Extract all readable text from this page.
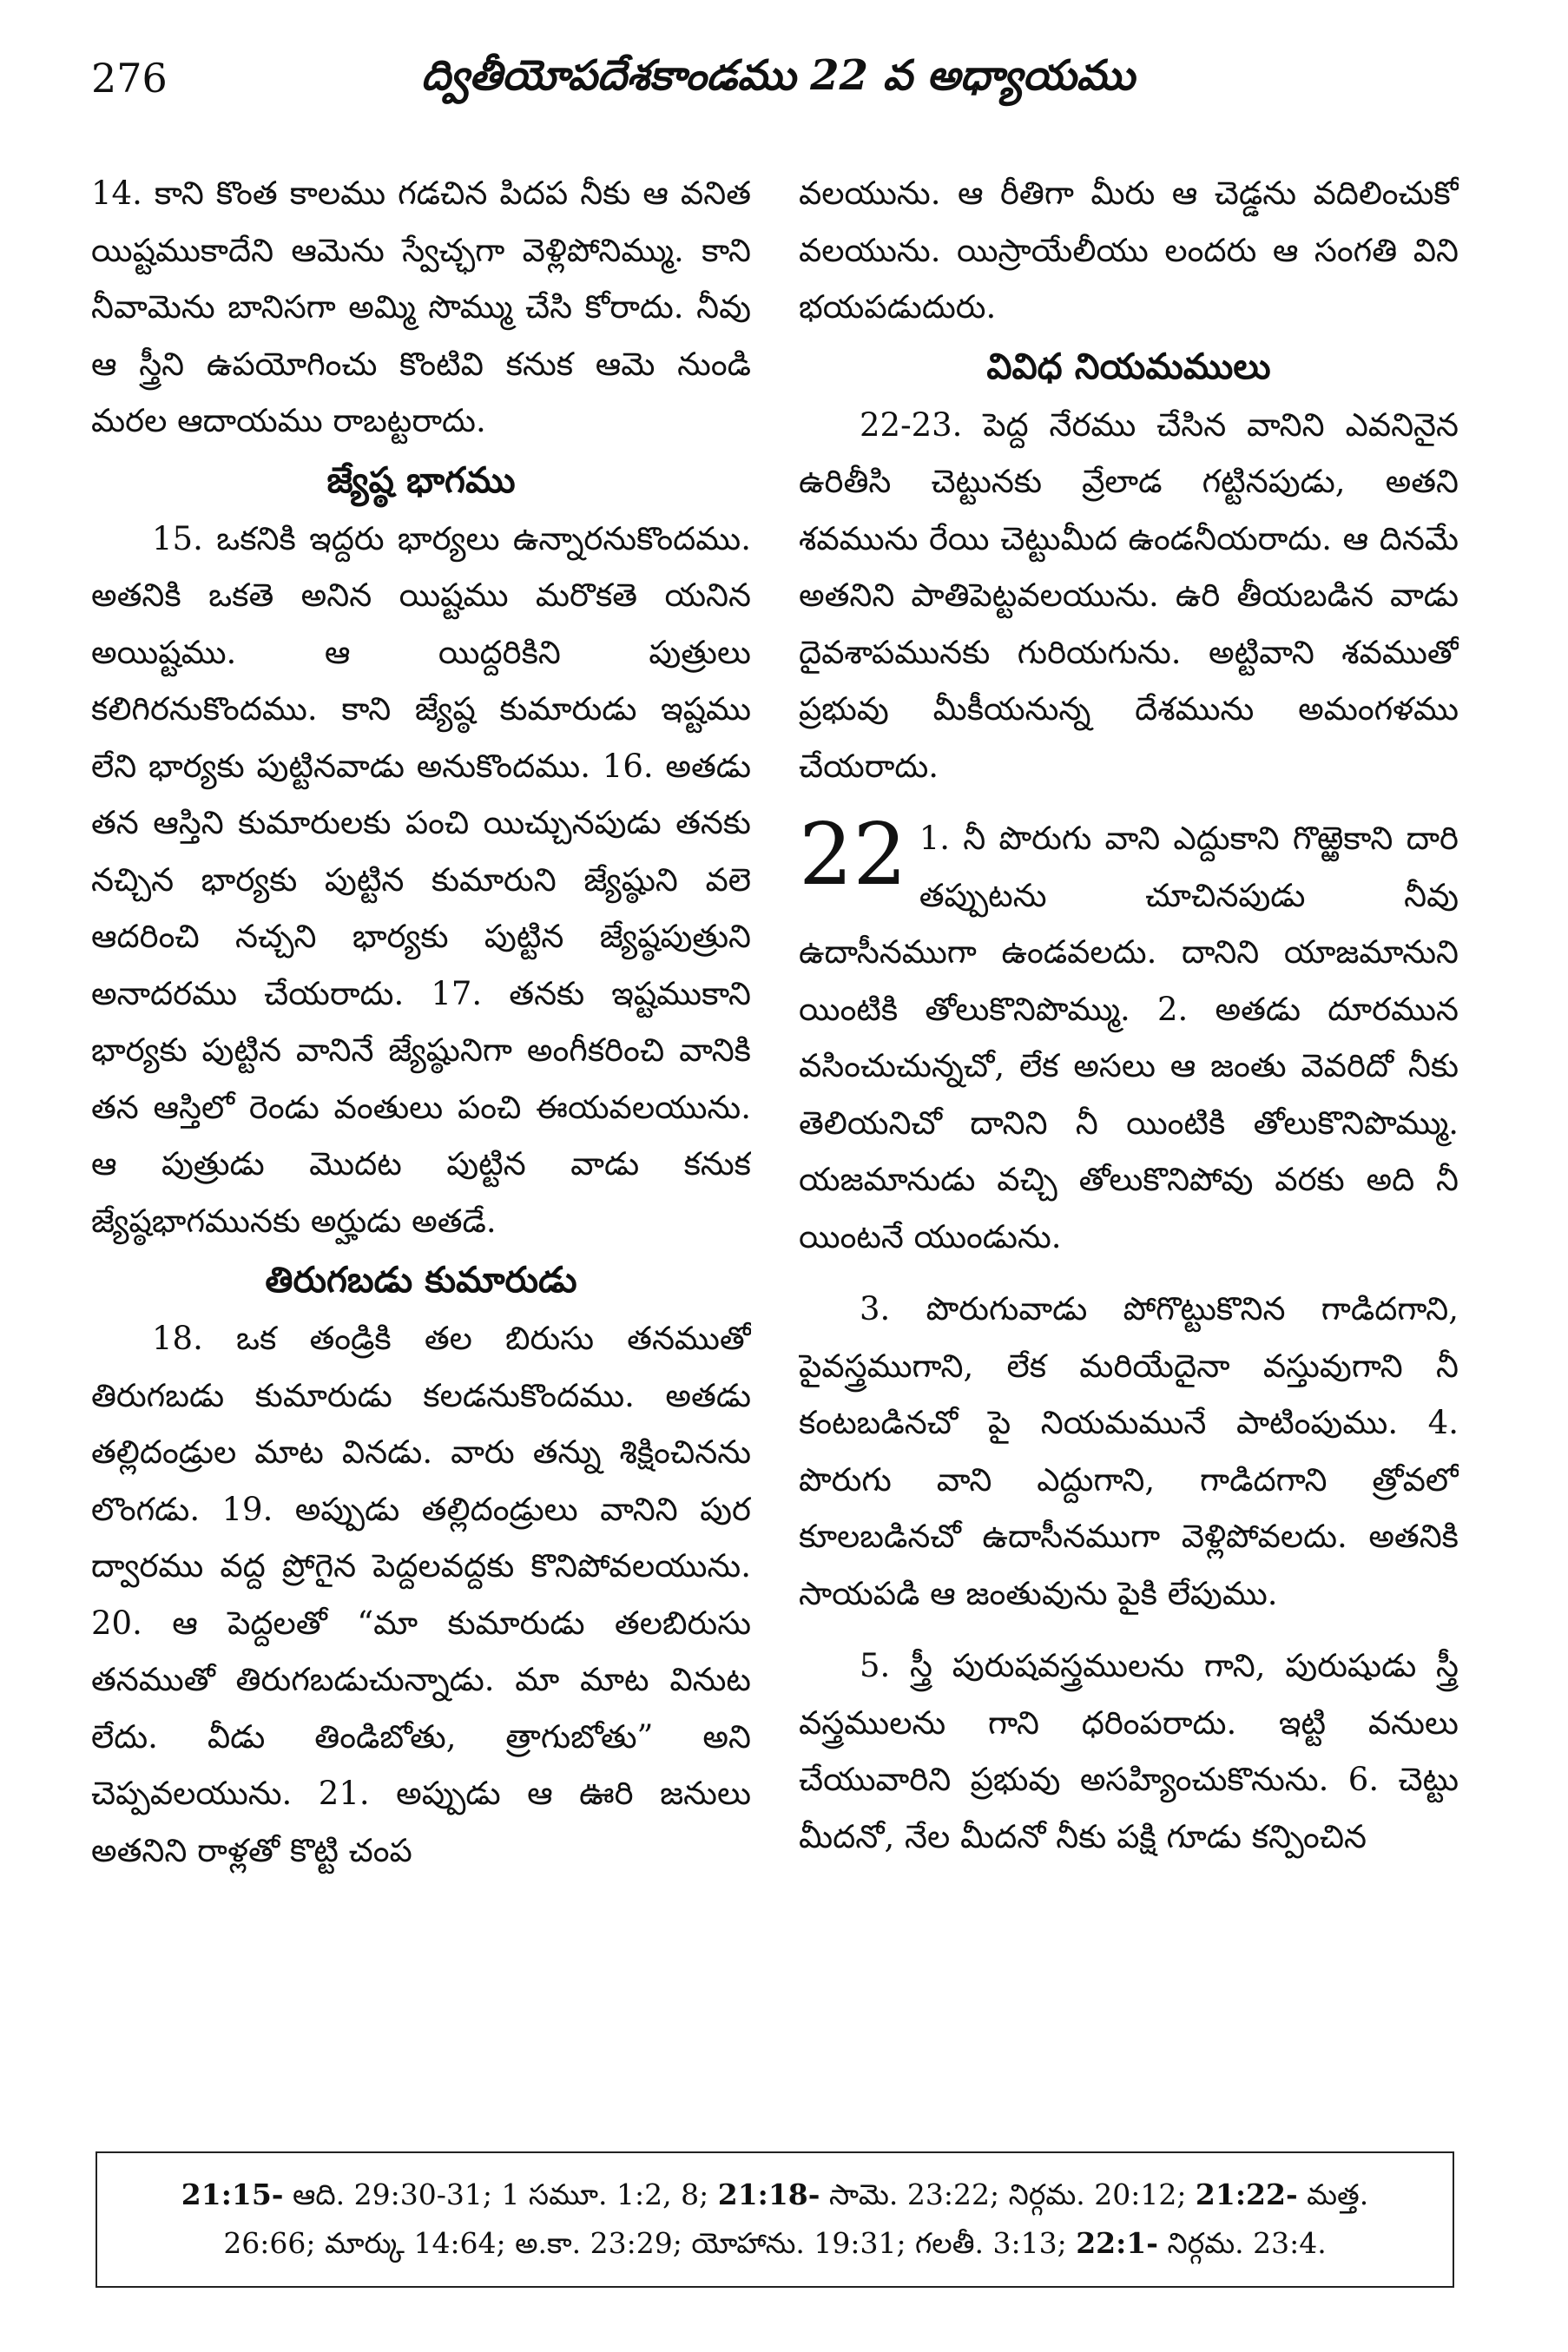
276	ద్వితీయోపదేశకాండము 22 వ అధ్యాయము

14. కాని కొంత కాలము గడచిన పిదప నీకు ఆ వనిత యిష్టముకాదేని ఆమెను స్వేచ్ఛగా వెళ్లిపోనిమ్ము. కాని నీవామెను బానిసగా అమ్మి సొమ్ము చేసి కోరాదు. నీవు ఆ స్త్రీని ఉపయోగించు కొంటివి కనుక ఆమె నుండి మరల ఆదాయము రాబట్టరాదు.

జ్యేష్ఠ భాగము

15. ఒకనికి ఇద్దరు భార్యలు ఉన్నారనుకొందము. అతనికి ఒకతె అనిన యిష్టము మరొకతె యనిన అయిష్టము. ఆ యిద్దరికిని పుత్రులు కలిగిరనుకొందము. కాని జ్యేష్ఠ కుమారుడు ఇష్టము లేని భార్యకు పుట్టినవాడు అనుకొందము. 16. అతడు తన ఆస్తిని కుమారులకు పంచి యిచ్చునపుడు తనకు నచ్చిన భార్యకు పుట్టిన కుమారుని జ్యేష్ఠుని వలె ఆదరించి నచ్చని భార్యకు పుట్టిన జ్యేష్ఠపుత్రుని అనాదరము చేయరాదు. 17. తనకు ఇష్టముకాని భార్యకు పుట్టిన వానినే జ్యేష్ఠునిగా అంగీకరించి వానికి తన ఆస్తిలో రెండు వంతులు పంచి ఈయవలయును. ఆ పుత్రుడు మొదట పుట్టిన వాడు కనుక జ్యేష్ఠభాగమునకు అర్హుడు అతడే.

తిరుగబడు కుమారుడు

18. ఒక తండ్రికి తల బిరుసు తనముతో తిరుగబడు కుమారుడు కలడనుకొందము. అతడు తల్లిదండ్రుల మాట వినడు. వారు తన్ను శిక్షించినను లొంగడు. 19. అప్పుడు తల్లిదండ్రులు వానిని పుర ద్వారము వద్ద ప్రోగైన పెద్దలవద్దకు కొనిపోవలయును. 20. ఆ పెద్దలతో “మా కుమారుడు తలబిరుసు తనముతో తిరుగబడుచున్నాడు. మా మాట వినుట లేదు. వీడు తిండిబోతు, త్రాగుబోతు” అని చెప్పవలయును. 21. అప్పుడు ఆ ఊరి జనులు అతనిని రాళ్లతో కొట్టి చంప

వలయును. ఆ రీతిగా మీరు ఆ చెడ్డను వదిలించుకో వలయును. యిస్రాయేలీయు లందరు ఆ సంగతి విని భయపడుదురు.

వివిధ నియమములు

22-23. పెద్ద నేరము చేసిన వానిని ఎవనినైన ఉరితీసి చెట్టునకు వ్రేలాడ గట్టినపుడు, అతని శవమును రేయి చెట్టుమీద ఉండనీయరాదు. ఆ దినమే అతనిని పాతిపెట్టవలయును. ఉరి తీయబడిన వాడు దైవశాపమునకు గురియగును. అట్టివాని శవముతో ప్రభువు మీకీయనున్న దేశమును అమంగళము చేయరాదు.

22 1. నీ పొరుగు వాని ఎద్దుకాని గొఱ్ఱెకాని దారి తప్పుటను చూచినపుడు నీవు ఉదాసీనముగా ఉండవలదు. దానిని యాజమానుని యింటికి తోలుకొనిపొమ్ము. 2. అతడు దూరమున వసించుచున్నచో, లేక అసలు ఆ జంతు వెవరిదో నీకు తెలియనిచో దానిని నీ యింటికి తోలుకొనిపొమ్ము. యజమానుడు వచ్చి తోలుకొనిపోవు వరకు అది నీ యింటనే యుండును.

3. పొరుగువాడు పోగొట్టుకొనిన గాడిదగాని, పైవస్త్రముగాని, లేక మరియేదైనా వస్తువుగాని నీ కంటబడినచో పై నియమమునే పాటింపుము. 4. పొరుగు వాని ఎద్దుగాని, గాడిదగాని త్రోవలో కూలబడినచో ఉదాసీనముగా వెళ్లిపోవలదు. అతనికి సాయపడి ఆ జంతువును పైకి లేపుము.

5. స్త్రీ పురుషవస్త్రములను గాని, పురుషుడు స్త్రీ వస్త్రములను గాని ధరింపరాదు. ఇట్టి వనులు చేయువారిని ప్రభువు అసహ్యించుకొనును. 6. చెట్టు మీదనో, నేల మీదనో నీకు పక్షి గూడు కన్పించిన

21:15- ఆది. 29:30-31; 1 సమూ. 1:2, 8; 21:18- సామె. 23:22; నిర్గమ. 20:12; 21:22- మత్త.
26:66; మార్కు 14:64; అ.కా. 23:29; యోహాను. 19:31; గలతీ. 3:13; 22:1- నిర్గమ. 23:4.
